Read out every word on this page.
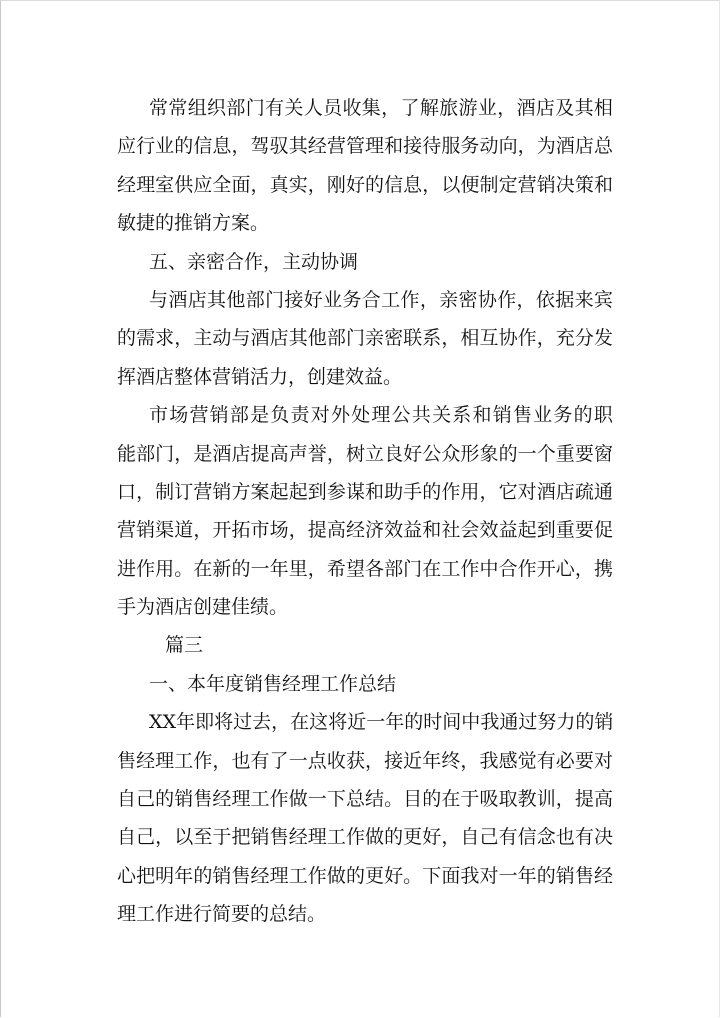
常 常 组 织 部 门 有 关 人 员 收 集 ， 了 解 旅 游 业 ， 酒 店 及 其 相
应 行 业 的 信 息 ， 驾 驭 其 经 营 管 理 和 接 待 服 务 动 向 ， 为 酒 店 总
经 理 室 供 应 全 面 ， 真 实 ， 刚 好 的 信 息 ， 以 便 制 定 营 销 决 策 和
敏捷的推销方案。
五、亲密合作，主动协调
与 酒 店 其 他 部 门 接 好 业 务 合 工 作 ， 亲 密 协 作 ， 依 据 来 宾
的 需 求 ， 主 动 与 酒 店 其 他 部 门 亲 密 联 系 ， 相 互 协 作 ， 充 分 发
挥酒店整体营销活力，创建效益。
市 场 营 销 部 是 负 责 对 外 处 理 公 共 关 系 和 销 售 业 务 的 职
能 部 门 ， 是 酒 店 提 高 声 誉 ， 树 立 良 好 公 众 形 象 的 一 个 重 要 窗
口 ， 制 订 营 销 方 案 起 起 到 参 谋 和 助 手 的 作 用 ， 它 对 酒 店 疏 通
营 销 渠 道 ， 开 拓 市 场 ， 提 高 经 济 效 益 和 社 会 效 益 起 到 重 要 促
进 作 用 。 在 新 的 一 年 里 ， 希 望 各 部 门 在 工 作 中 合 作 开 心 ， 携
手为酒店创建佳绩。
篇三
一、本年度销售经理工作总结
X X 年 即 将 过 去 ， 在 这 将 近 一 年 的 时 间 中 我 通 过 努 力 的 销
售 经 理 工 作 ， 也 有 了 一 点 收 获 ， 接 近 年 终 ， 我 感 觉 有 必 要 对
自 己 的 销 售 经 理 工 作 做 一 下 总 结 。 目 的 在 于 吸 取 教 训 ， 提 高
自 己 ， 以 至 于 把 销 售 经 理 工 作 做 的 更 好 ， 自 己 有 信 念 也 有 决
心 把 明 年 的 销 售 经 理 工 作 做 的 更 好 。 下 面 我 对 一 年 的 销 售 经
理工作进行简要的总结。
